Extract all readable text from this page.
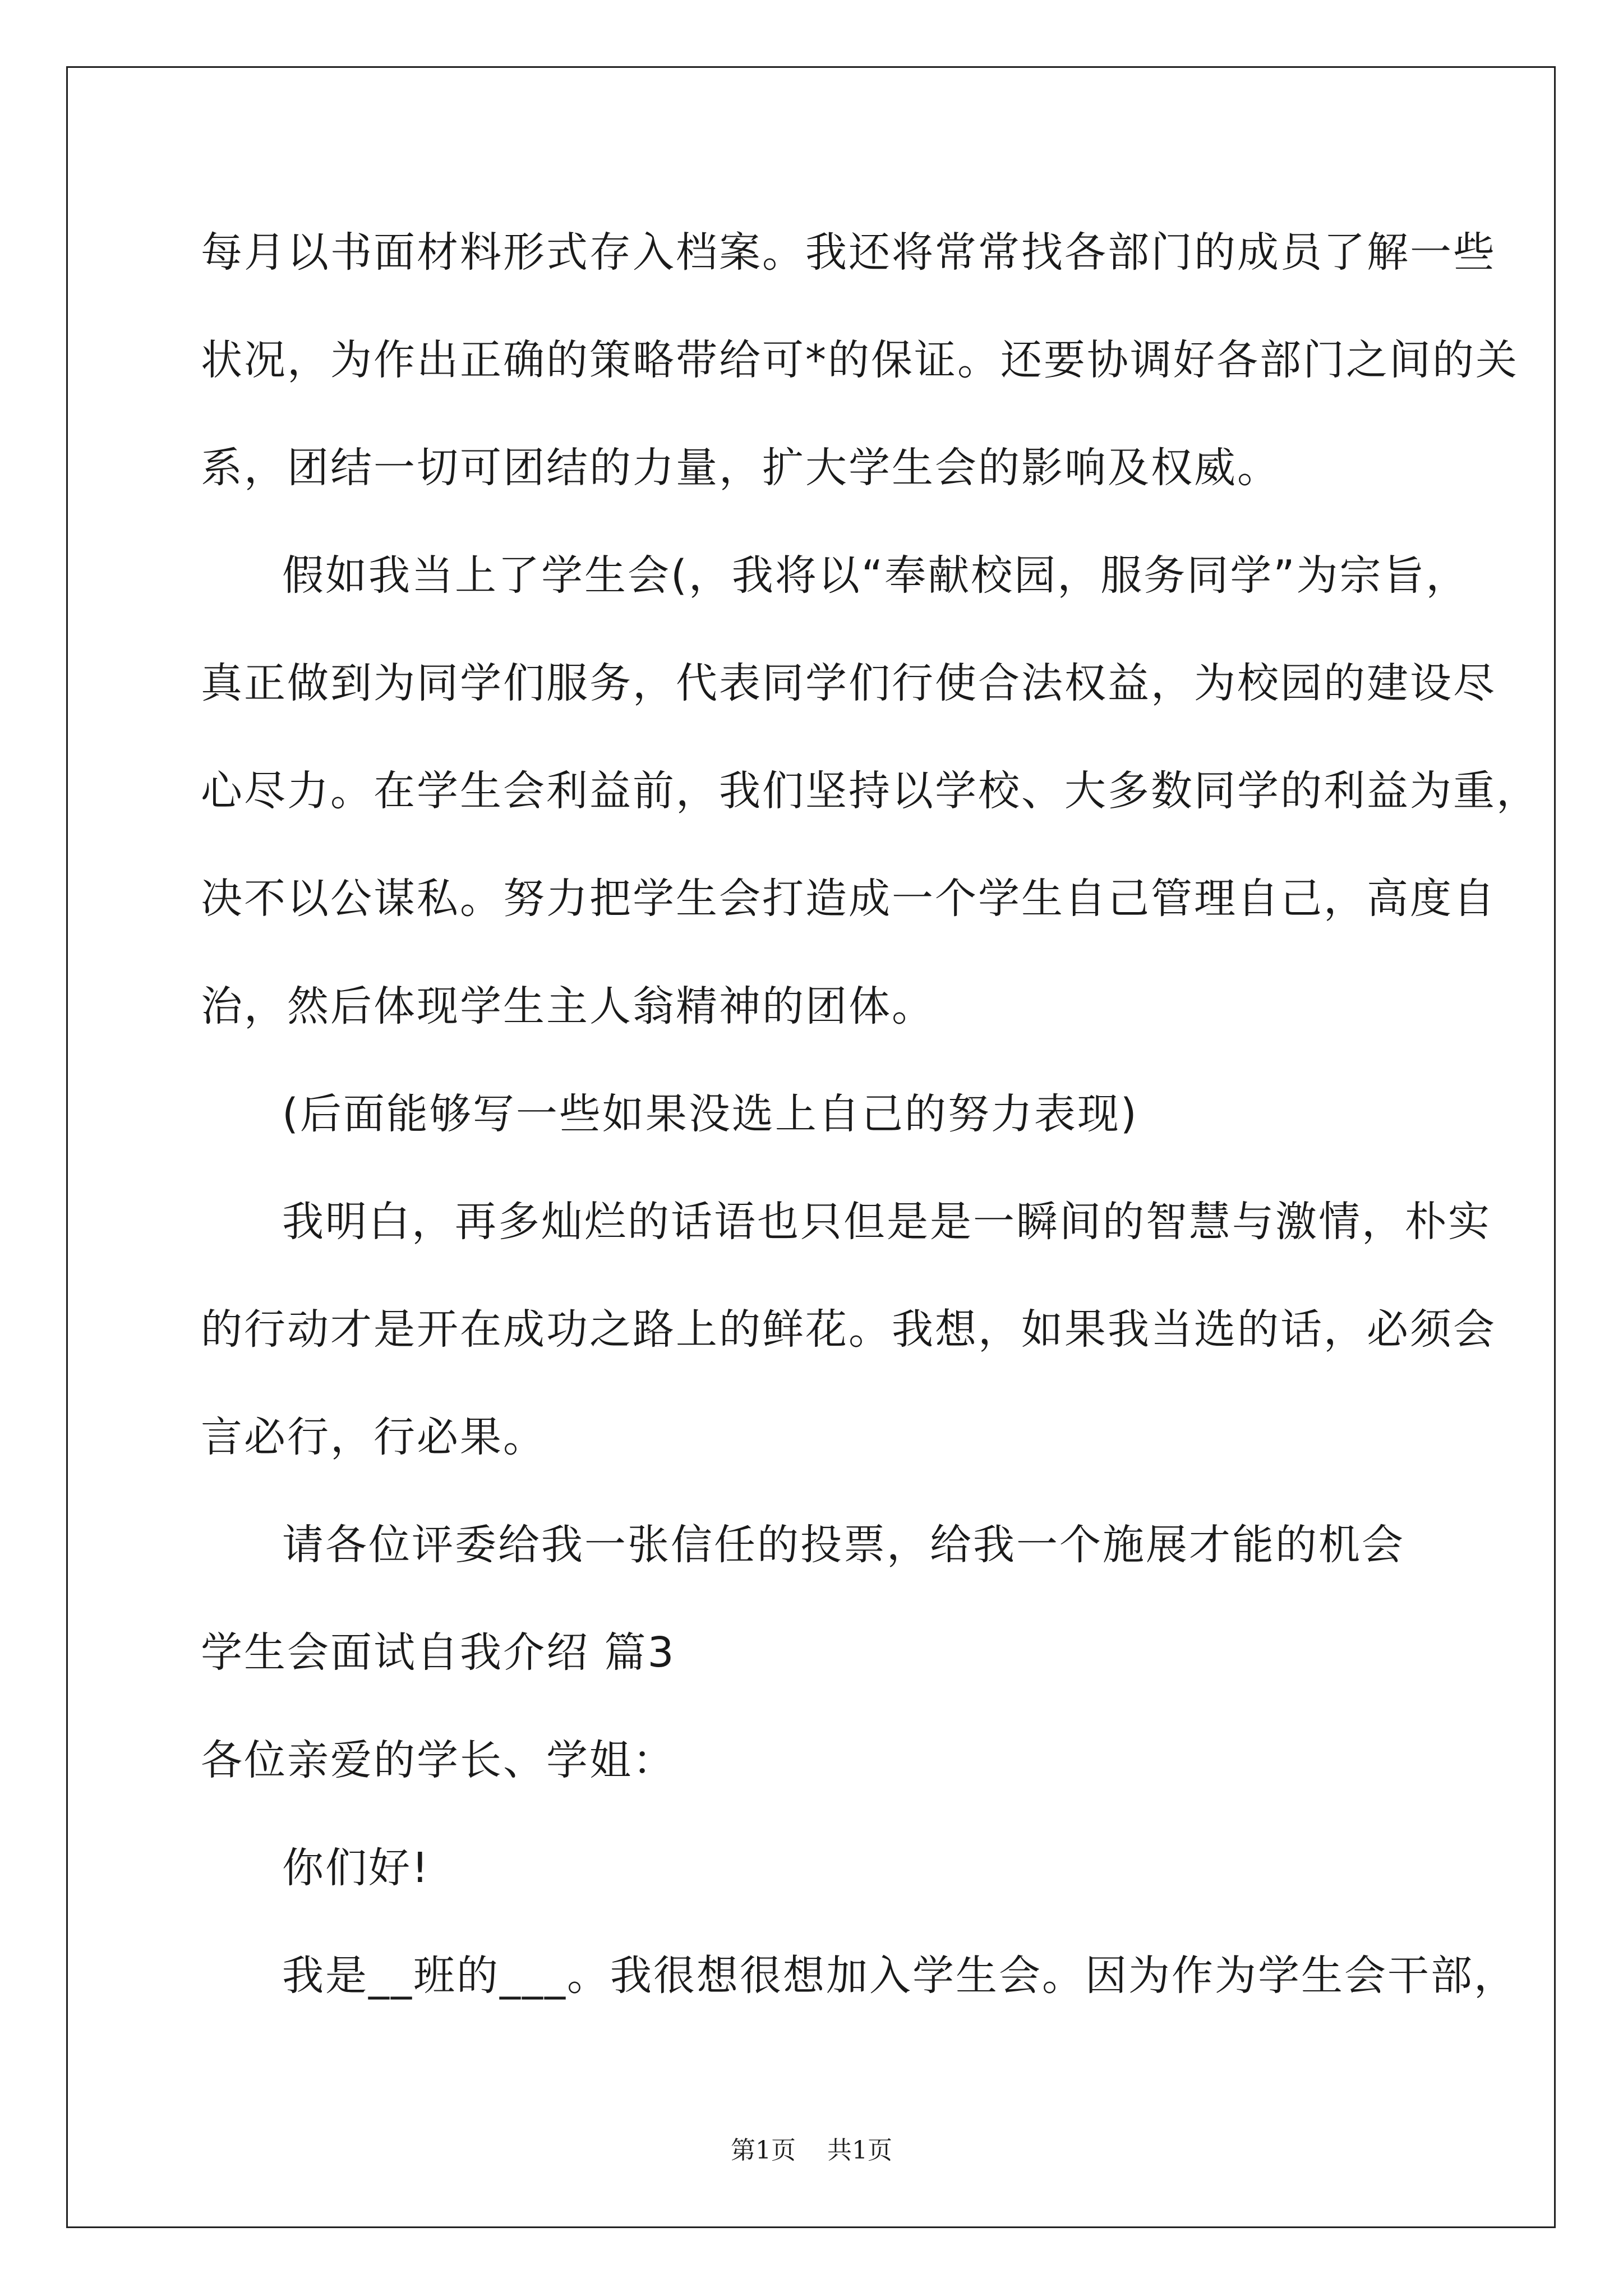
每月以书面材料形式存入档案。我还将常常找各部门的成员了解一些
状况，为作出正确的策略带给可*的保证。还要协调好各部门之间的关
系，团结一切可团结的力量，扩大学生会的影响及权威。
假如我当上了学生会(，我将以“奉献校园，服务同学”为宗旨，
真正做到为同学们服务，代表同学们行使合法权益，为校园的建设尽
心尽力。在学生会利益前，我们坚持以学校、大多数同学的利益为重，
决不以公谋私。努力把学生会打造成一个学生自己管理自己，高度自
治，然后体现学生主人翁精神的团体。
(后面能够写一些如果没选上自己的努力表现)
我明白，再多灿烂的话语也只但是是一瞬间的智慧与激情，朴实
的行动才是开在成功之路上的鲜花。我想，如果我当选的话，必须会
言必行，行必果。
请各位评委给我一张信任的投票，给我一个施展才能的机会
学生会面试自我介绍 篇3
各位亲爱的学长、学姐：
你们好!
我是__班的___。我很想很想加入学生会。因为作为学生会干部，
第1页 共1页
